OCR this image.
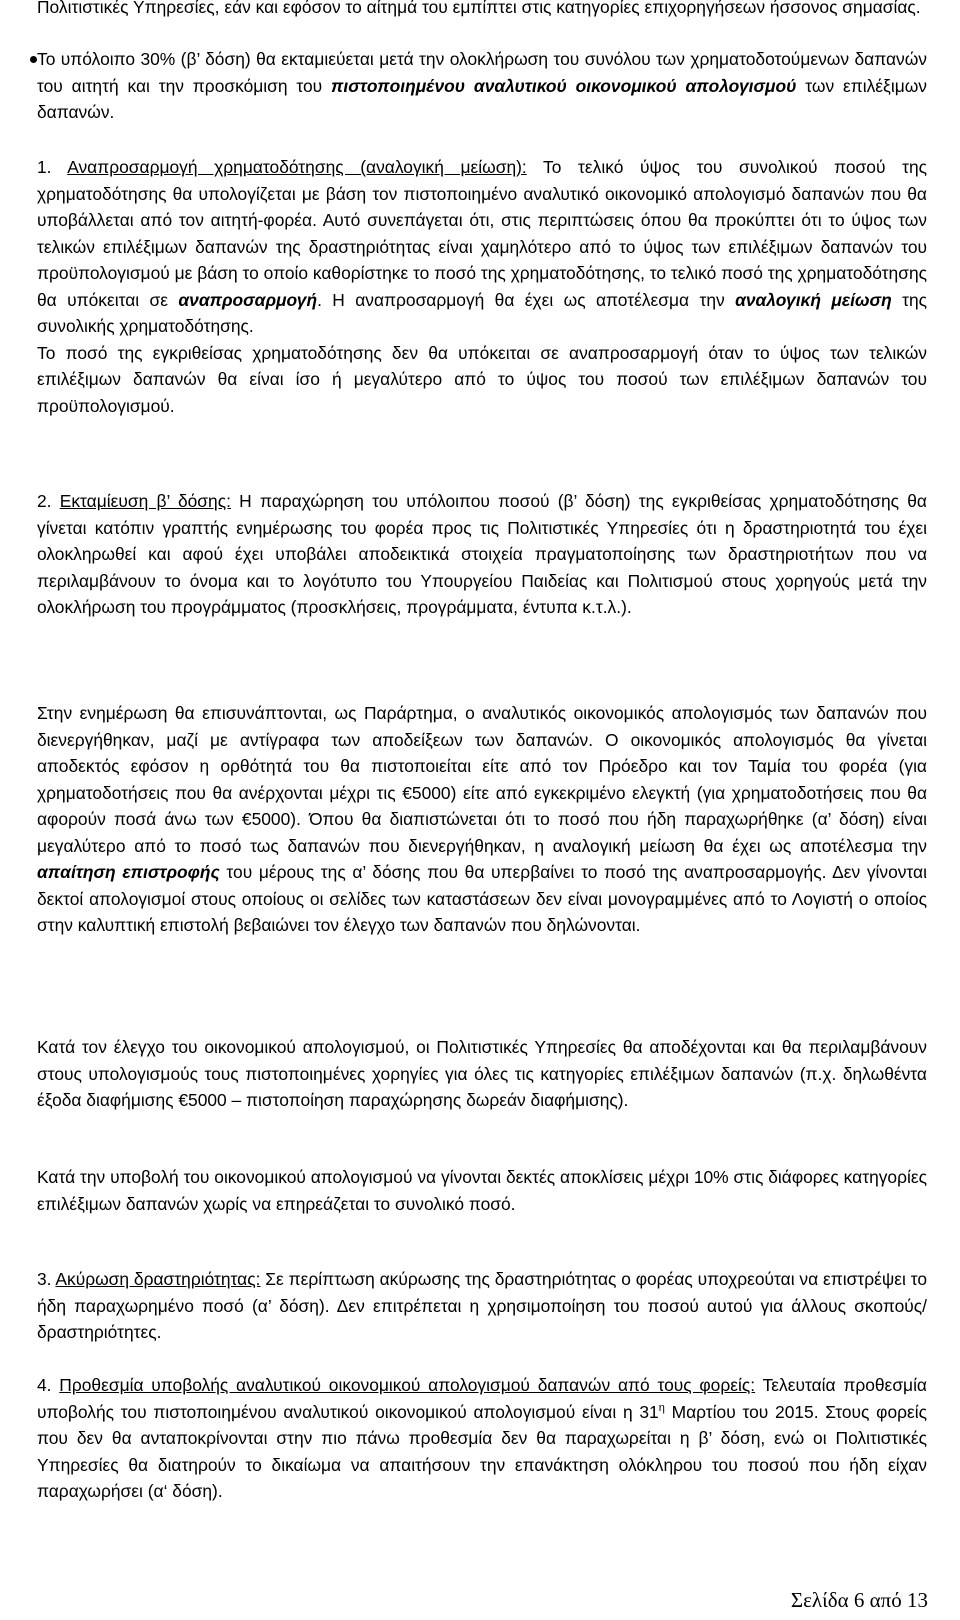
Πολιτιστικές Υπηρεσίες, εάν και εφόσον το αίτημά του εμπίπτει στις κατηγορίες επιχορηγήσεων ήσσονος σημασίας.

Το υπόλοιπο 30% (β’ δόση) θα εκταμιεύεται μετά την ολοκλήρωση του συνόλου των χρηματοδοτούμενων δαπανών του αιτητή και την προσκόμιση του πιστοποιημένου αναλυτικού οικονομικού απολογισμού των επιλέξιμων δαπανών.

1. Αναπροσαρμογή χρηματοδότησης (αναλογική μείωση): Το τελικό ύψος του συνολικού ποσού της χρηματοδότησης θα υπολογίζεται με βάση τον πιστοποιημένο αναλυτικό οικονομικό απολογισμό δαπανών που θα υποβάλλεται από τον αιτητή-φορέα. Αυτό συνεπάγεται ότι, στις περιπτώσεις όπου θα προκύπτει ότι το ύψος των τελικών επιλέξιμων δαπανών της δραστηριότητας είναι χαμηλότερο από το ύψος των επιλέξιμων δαπανών του προϋπολογισμού με βάση το οποίο καθορίστηκε το ποσό της χρηματοδότησης, το τελικό ποσό της χρηματοδότησης θα υπόκειται σε αναπροσαρμογή. Η αναπροσαρμογή θα έχει ως αποτέλεσμα την αναλογική μείωση της συνολικής χρηματοδότησης.

Το ποσό της εγκριθείσας χρηματοδότησης δεν θα υπόκειται σε αναπροσαρμογή όταν το ύψος των τελικών επιλέξιμων δαπανών θα είναι ίσο ή μεγαλύτερο από το ύψος του ποσού των επιλέξιμων δαπανών του προϋπολογισμού.

2. Εκταμίευση β’ δόσης: Η παραχώρηση του υπόλοιπου ποσού (β’ δόση) της εγκριθείσας χρηματοδότησης θα γίνεται κατόπιν γραπτής ενημέρωσης του φορέα προς τις Πολιτιστικές Υπηρεσίες ότι η δραστηριοτητά του έχει ολοκληρωθεί και αφού έχει υποβάλει αποδεικτικά στοιχεία πραγματοποίησης των δραστηριοτήτων που να περιλαμβάνουν το όνομα και το λογότυπο του Υπουργείου Παιδείας και Πολιτισμού στους χορηγούς μετά την ολοκλήρωση του προγράμματος (προσκλήσεις, προγράμματα, έντυπα κ.τ.λ.).

Στην ενημέρωση θα επισυνάπτονται, ως Παράρτημα, ο αναλυτικός οικονομικός απολογισμός των δαπανών που διενεργήθηκαν, μαζί με αντίγραφα των αποδείξεων των δαπανών. Ο οικονομικός απολογισμός θα γίνεται αποδεκτός εφόσον η ορθότητά του θα πιστοποιείται είτε από τον Πρόεδρο και τον Ταμία του φορέα (για χρηματοδοτήσεις που θα ανέρχονται μέχρι τις €5000) είτε από εγκεκριμένο ελεγκτή (για χρηματοδοτήσεις που θα αφορούν ποσά άνω των €5000). Όπου θα διαπιστώνεται ότι το ποσό που ήδη παραχωρήθηκε (α’ δόση) είναι μεγαλύτερο από το ποσό τως δαπανών που διενεργήθηκαν, η αναλογική μείωση θα έχει ως αποτέλεσμα την απαίτηση επιστροφής του μέρους της α’ δόσης που θα υπερβαίνει το ποσό της αναπροσαρμογής. Δεν γίνονται δεκτοί απολογισμοί στους οποίους οι σελίδες των καταστάσεων δεν είναι μονογραμμένες από το Λογιστή ο οποίος στην καλυπτική επιστολή βεβαιώνει τον έλεγχο των δαπανών που δηλώνονται.

Κατά τον έλεγχο του οικονομικού απολογισμού, οι Πολιτιστικές Υπηρεσίες θα αποδέχονται και θα περιλαμβάνουν στους υπολογισμούς τους πιστοποιημένες χορηγίες για όλες τις κατηγορίες επιλέξιμων δαπανών (π.χ. δηλωθέντα έξοδα διαφήμισης €5000 – πιστοποίηση παραχώρησης δωρεάν διαφήμισης).

Κατά την υποβολή του οικονομικού απολογισμού να γίνονται δεκτές αποκλίσεις μέχρι 10% στις διάφορες κατηγορίες επιλέξιμων δαπανών χωρίς να επηρεάζεται το συνολικό ποσό.

3. Ακύρωση δραστηριότητας: Σε περίπτωση ακύρωσης της δραστηριότητας ο φορέας υποχρεούται να επιστρέψει το ήδη παραχωρημένο ποσό (α’ δόση). Δεν επιτρέπεται η χρησιμοποίηση του ποσού αυτού για άλλους σκοπούς/δραστηριότητες.

4. Προθεσμία υποβολής αναλυτικού οικονομικού απολογισμού δαπανών από τους φορείς: Τελευταία προθεσμία υποβολής του πιστοποιημένου αναλυτικού οικονομικού απολογισμού είναι η $31^\eta$ Μαρτίου του 2015. Στους φορείς που δεν θα ανταποκρίνονται στην πιο πάνω προθεσμία δεν θα παραχωρείται η β’ δόση, ενώ οι Πολιτιστικές Υπηρεσίες θα διατηρούν το δικαίωμα να απαιτήσουν την επανάκτηση ολόκληρου του ποσού που ήδη είχαν παραχωρήσει (α‘ δόση).

Σελίδα 6 από 13
